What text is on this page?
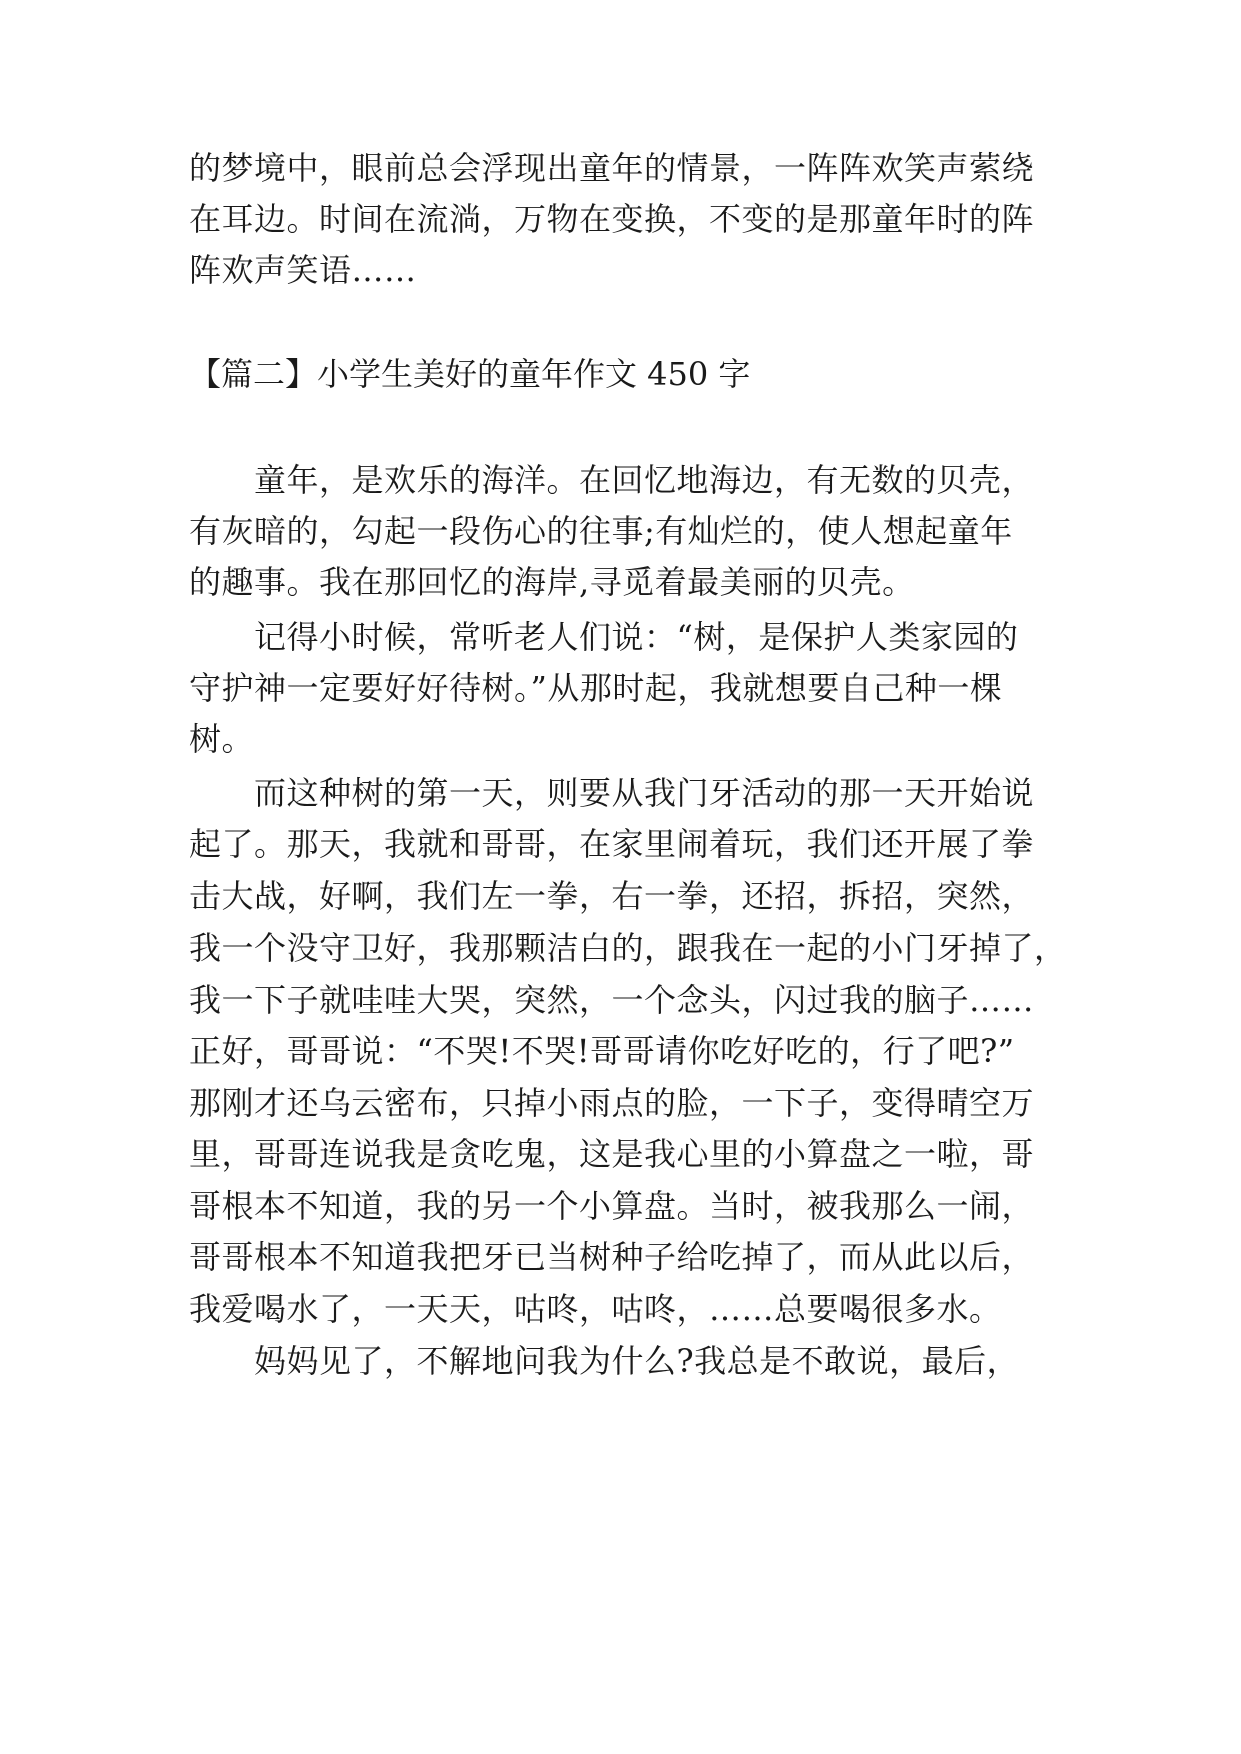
的梦境中，眼前总会浮现出童年的情景，一阵阵欢笑声萦绕
在耳边。时间在流淌，万物在变换，不变的是那童年时的阵
阵欢声笑语……
【篇二】小学生美好的童年作文 450 字
童年，是欢乐的海洋。在回忆地海边，有无数的贝壳，
有灰暗的，勾起一段伤心的往事;有灿烂的，使人想起童年
的趣事。我在那回忆的海岸,寻觅着最美丽的贝壳。
记得小时候，常听老人们说：“树，是保护人类家园的
守护神一定要好好待树。”从那时起，我就想要自己种一棵
树。
而这种树的第一天，则要从我门牙活动的那一天开始说
起了。那天，我就和哥哥，在家里闹着玩，我们还开展了拳
击大战，好啊，我们左一拳，右一拳，还招，拆招，突然，
我一个没守卫好，我那颗洁白的，跟我在一起的小门牙掉了，
我一下子就哇哇大哭，突然，一个念头，闪过我的脑子……
正好，哥哥说：“不哭!不哭!哥哥请你吃好吃的，行了吧?”
那刚才还乌云密布，只掉小雨点的脸，一下子，变得晴空万
里，哥哥连说我是贪吃鬼，这是我心里的小算盘之一啦，哥
哥根本不知道，我的另一个小算盘。当时，被我那么一闹，
哥哥根本不知道我把牙已当树种子给吃掉了，而从此以后，
我爱喝水了，一天天，咕咚，咕咚，……总要喝很多水。
妈妈见了，不解地问我为什么?我总是不敢说，最后，
